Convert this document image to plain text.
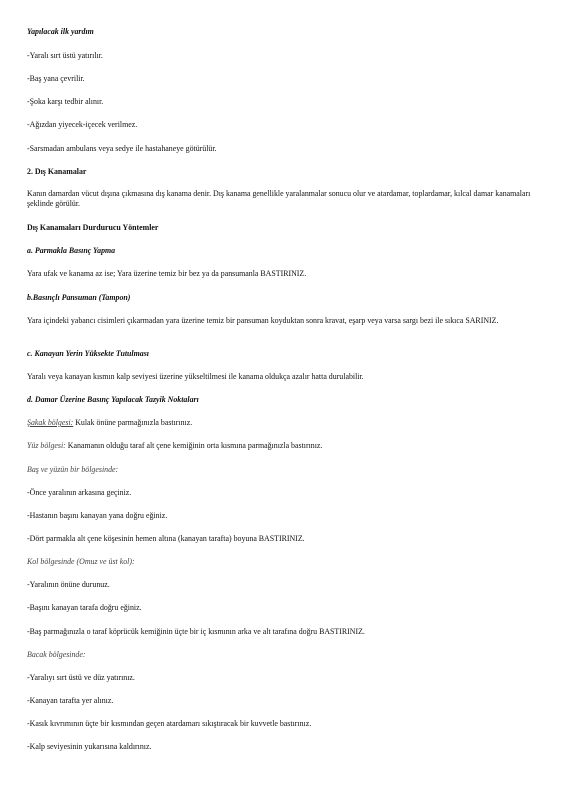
Yapılacak ilk yardım

-Yaralı sırt üstü yatırılır.

-Baş yana çevrilir.

-Şoka karşı tedbir alınır.

-Ağızdan yiyecek-içecek verilmez.

-Sarsmadan ambulans veya sedye ile hastahaneye götürülür.

2. Dış Kanamalar

Kanın damardan vücut dışına çıkmasına dış kanama denir. Dış kanama genellikle yaralanmalar sonucu olur ve atardamar, toplardamar, kılcal damar kanamaları şeklinde görülür.

Dış Kanamaları Durdurucu Yöntemler

a. Parmakla Basınç Yapma

Yara ufak ve kanama az ise; Yara üzerine temiz bir bez ya da pansumanla BASTIRINIZ.

b.Basınçlı Pansuman (Tampon)

Yara içindeki yabancı cisimleri çıkarmadan yara üzerine temiz bir pansuman koyduktan sonra kravat, eşarp veya varsa sargı bezi ile sıkıca SARINIZ.

c. Kanayan Yerin Yüksekte Tutulması

Yaralı veya kanayan kısmın kalp seviyesi üzerine yükseltilmesi ile kanama oldukça azalır hatta durulabilir.

d. Damar Üzerine Basınç Yapılacak Tazyik Noktaları

Şakak bölgesi: Kulak önüne parmağınızla bastırınız.

Yüz bölgesi: Kanamanın olduğu taraf alt çene kemiğinin orta kısmına parmağınızla bastırınız.

Baş ve yüzün bir bölgesinde:

-Önce yaralının arkasına geçiniz.

-Hastanın başını kanayan yana doğru eğiniz.

-Dört parmakla alt çene köşesinin hemen altına (kanayan tarafta) boyuna BASTIRINIZ.

Kol bölgesinde (Omuz ve üst kol):

-Yaralının önüne durunuz.

-Başını kanayan tarafa doğru eğiniz.

-Baş parmağınızla o taraf köprücük kemiğinin üçte bir iç kısmının arka ve alt tarafına doğru BASTIRINIZ.

Bacak bölgesinde:

-Yaralıyı sırt üstü ve düz yatırınız.

-Kanayan tarafta yer alınız.

-Kasık kıvrımının üçte bir kısmından geçen atardamarı sıkıştıracak bir kuvvetle bastırınız.

-Kalp seviyesinin yukarısına kaldırınız.
